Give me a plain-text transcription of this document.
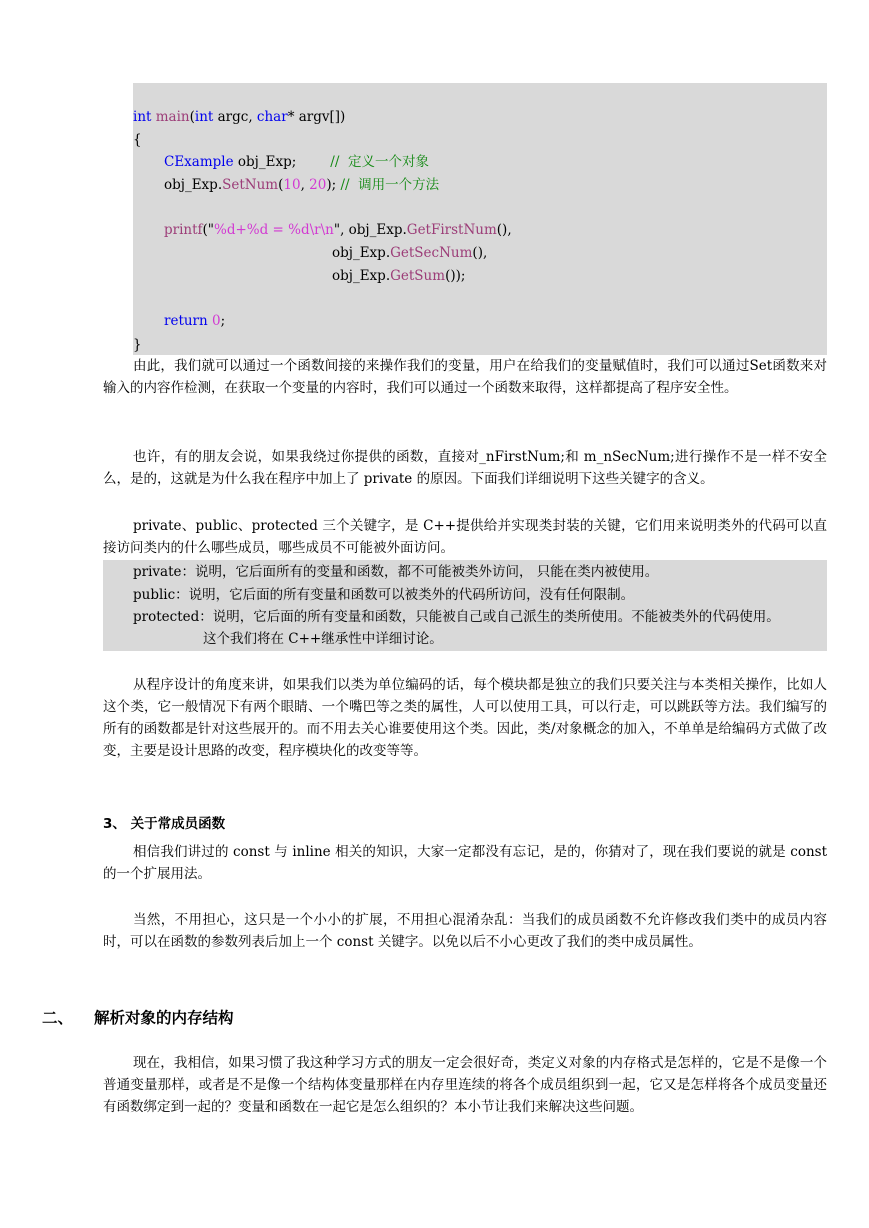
int main(int argc, char* argv[])
{
CExample obj_Exp;	//  定义一个对象
obj_Exp.SetNum(10, 20); //  调用一个方法
printf("%d+%d = %d\r\n", obj_Exp.GetFirstNum(),
obj_Exp.GetSecNum(),
obj_Exp.GetSum());
return 0;
}
由此，我们就可以通过一个函数间接的来操作我们的变量，用户在给我们的变量赋值时，我们可以通过Set函数来对输入的内容作检测，在获取一个变量的内容时，我们可以通过一个函数来取得，这样都提高了程序安全性。
也许，有的朋友会说，如果我绕过你提供的函数，直接对_nFirstNum;和 m_nSecNum;进行操作不是一样不安全么，是的，这就是为什么我在程序中加上了 private 的原因。下面我们详细说明下这些关键字的含义。
private、public、protected 三个关键字，是 C++提供给并实现类封装的关键，它们用来说明类外的代码可以直接访问类内的什么哪些成员，哪些成员不可能被外面访问。
private：说明，它后面所有的变量和函数，都不可能被类外访问， 只能在类内被使用。
public：说明，它后面的所有变量和函数可以被类外的代码所访问，没有任何限制。
protected：说明，它后面的所有变量和函数，只能被自己或自己派生的类所使用。不能被类外的代码使用。
这个我们将在 C++继承性中详细讨论。
从程序设计的角度来讲，如果我们以类为单位编码的话，每个模块都是独立的我们只要关注与本类相关操作，比如人这个类，它一般情况下有两个眼睛、一个嘴巴等之类的属性，人可以使用工具，可以行走，可以跳跃等方法。我们编写的所有的函数都是针对这些展开的。而不用去关心谁要使用这个类。因此，类/对象概念的加入，不单单是给编码方式做了改变，主要是设计思路的改变，程序模块化的改变等等。
3、 关于常成员函数
相信我们讲过的 const 与 inline 相关的知识，大家一定都没有忘记，是的，你猜对了，现在我们要说的就是 const 的一个扩展用法。
当然，不用担心，这只是一个小小的扩展，不用担心混淆杂乱：当我们的成员函数不允许修改我们类中的成员内容时，可以在函数的参数列表后加上一个 const 关键字。以免以后不小心更改了我们的类中成员属性。
二、 解析对象的内存结构
现在，我相信，如果习惯了我这种学习方式的朋友一定会很好奇，类定义对象的内存格式是怎样的，它是不是像一个普通变量那样，或者是不是像一个结构体变量那样在内存里连续的将各个成员组织到一起，它又是怎样将各个成员变量还有函数绑定到一起的？变量和函数在一起它是怎么组织的？本小节让我们来解决这些问题。
